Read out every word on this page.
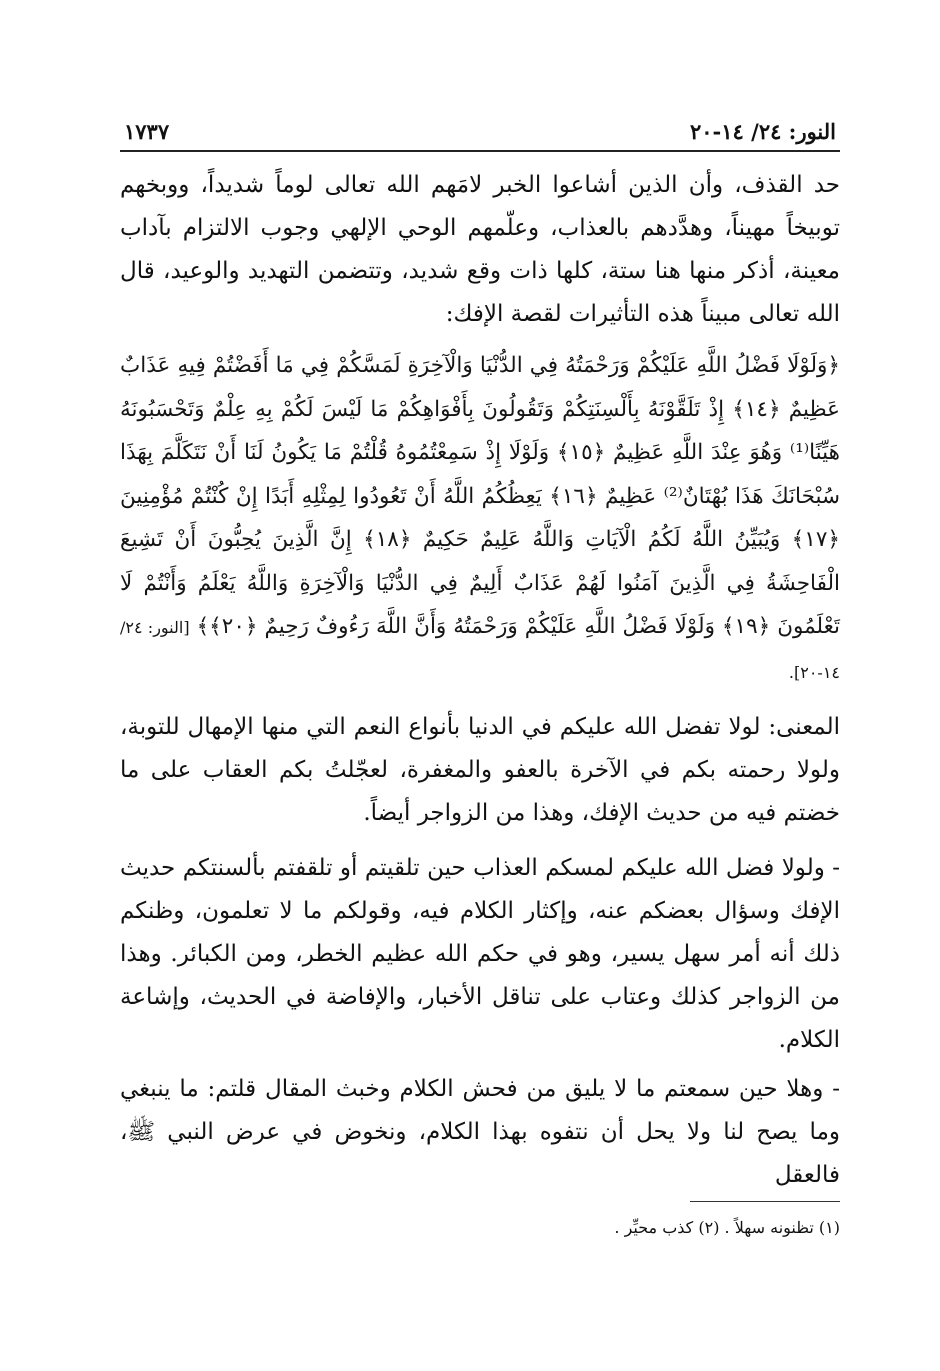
النور: ٢٤/ ١٤-٢٠
١٧٣٧

حد القذف، وأن الذين أشاعوا الخبر لامَهم الله تعالى لوماً شديداً، ووبخهم توبيخاً مهيناً، وهدَّدهم بالعذاب، وعلّمهم الوحي الإلهي وجوب الالتزام بآداب معينة، أذكر منها هنا ستة، كلها ذات وقع شديد، وتتضمن التهديد والوعيد، قال الله تعالى مبيناً هذه التأثيرات لقصة الإفك:

﴿وَلَوْلَا فَضْلُ اللَّهِ عَلَيْكُمْ وَرَحْمَتُهُ فِي الدُّنْيَا وَالْآخِرَةِ لَمَسَّكُمْ فِي مَا أَفَضْتُمْ فِيهِ عَذَابٌ عَظِيمٌ ﴿١٤﴾ إِذْ تَلَقَّوْنَهُ بِأَلْسِنَتِكُمْ وَتَقُولُونَ بِأَفْوَاهِكُمْ مَا لَيْسَ لَكُمْ بِهِ عِلْمٌ وَتَحْسَبُونَهُ هَيِّنًا⁽¹⁾ وَهُوَ عِنْدَ اللَّهِ عَظِيمٌ ﴿١٥﴾ وَلَوْلَا إِذْ سَمِعْتُمُوهُ قُلْتُمْ مَا يَكُونُ لَنَا أَنْ نَتَكَلَّمَ بِهَذَا سُبْحَانَكَ هَذَا بُهْتَانٌ⁽²⁾ عَظِيمٌ ﴿١٦﴾ يَعِظُكُمُ اللَّهُ أَنْ تَعُودُوا لِمِثْلِهِ أَبَدًا إِنْ كُنْتُمْ مُؤْمِنِينَ ﴿١٧﴾ وَيُبَيِّنُ اللَّهُ لَكُمُ الْآيَاتِ وَاللَّهُ عَلِيمٌ حَكِيمٌ ﴿١٨﴾ إِنَّ الَّذِينَ يُحِبُّونَ أَنْ تَشِيعَ الْفَاحِشَةُ فِي الَّذِينَ آمَنُوا لَهُمْ عَذَابٌ أَلِيمٌ فِي الدُّنْيَا وَالْآخِرَةِ وَاللَّهُ يَعْلَمُ وَأَنْتُمْ لَا تَعْلَمُونَ ﴿١٩﴾ وَلَوْلَا فَضْلُ اللَّهِ عَلَيْكُمْ وَرَحْمَتُهُ وَأَنَّ اللَّهَ رَءُوفٌ رَحِيمٌ ﴿٢٠﴾﴾ [النور: ٢٤/ ١٤-٢٠].

المعنى: لولا تفضل الله عليكم في الدنيا بأنواع النعم التي منها الإمهال للتوبة، ولولا رحمته بكم في الآخرة بالعفو والمغفرة، لعجّلتُ بكم العقاب على ما خضتم فيه من حديث الإفك، وهذا من الزواجر أيضاً.

- ولولا فضل الله عليكم لمسكم العذاب حين تلقيتم أو تلقفتم بألسنتكم حديث الإفك وسؤال بعضكم عنه، وإكثار الكلام فيه، وقولكم ما لا تعلمون، وظنكم ذلك أنه أمر سهل يسير، وهو في حكم الله عظيم الخطر، ومن الكبائر. وهذا من الزواجر كذلك وعتاب على تناقل الأخبار، والإفاضة في الحديث، وإشاعة الكلام.

- وهلا حين سمعتم ما لا يليق من فحش الكلام وخبث المقال قلتم: ما ينبغي وما يصح لنا ولا يحل أن نتفوه بهذا الكلام، ونخوض في عرض النبي ﷺ، فالعقل

(١) تظنونه سهلاً . (٢) كذب محيِّر .
